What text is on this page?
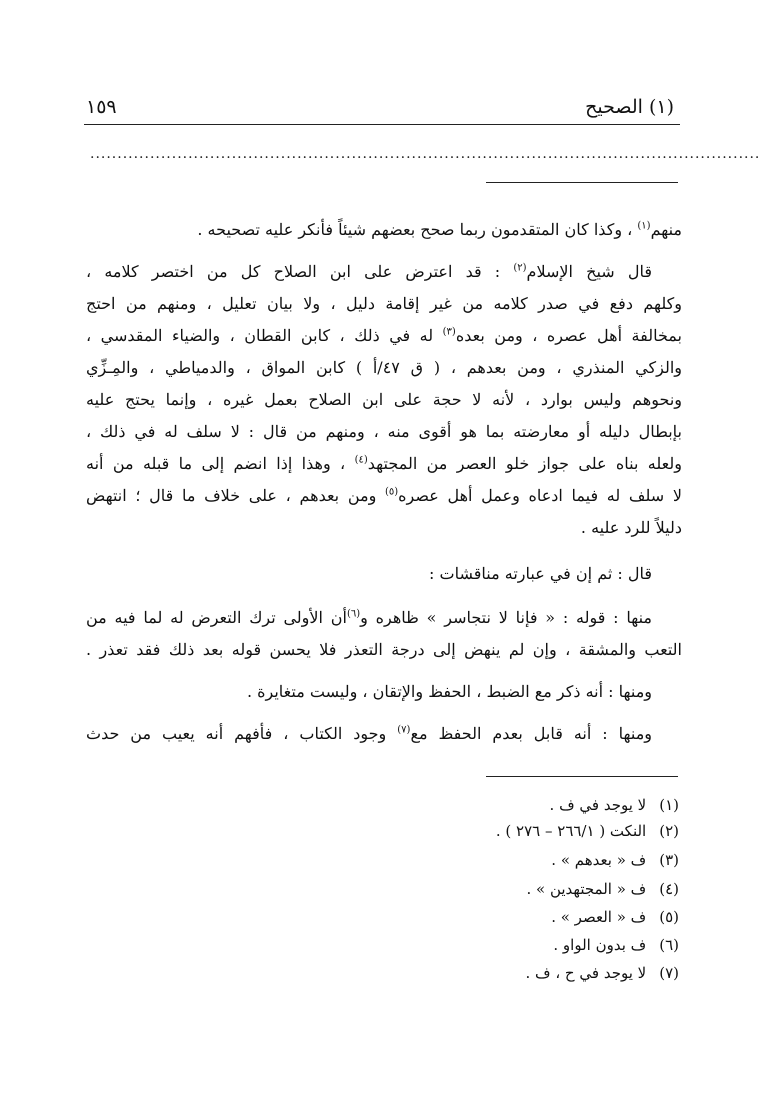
(١) الصحيح
١٥٩
...........................................................................................................................
منهم$^{(١)}$ ، وكذا كان المتقدمون ربما صحح بعضهم شيئاً فأنكر عليه تصحيحه .
قال شيخ الإسلام$^{(٢)}$ : قد اعترض على ابن الصلاح كل من اختصر كلامه ،
وكلهم دفع في صدر كلامه من غير إقامة دليل ، ولا بيان تعليل ، ومنهم من احتج
بمخالفة أهل عصره ، ومن بعده$^{(٣)}$ له في ذلك ، كابن القطان ، والضياء المقدسي ،
والزكي المنذري ، ومن بعدهم ، ( ق ٤٧/أ ) كابن المواق ، والدمياطي ، والمِـزِّي
ونحوهم وليس بوارد ، لأنه لا حجة على ابن الصلاح بعمل غيره ، وإنما يحتج عليه
بإبطال دليله أو معارضته بما هو أقوى منه ، ومنهم من قال : لا سلف له في ذلك ،
ولعله بناه على جواز خلو العصر من المجتهد$^{(٤)}$ ، وهذا إذا انضم إلى ما قبله من أنه
لا سلف له فيما ادعاه وعمل أهل عصره$^{(٥)}$ ومن بعدهم ، على خلاف ما قال ؛ انتهض
دليلاً للرد عليه .
قال : ثم إن في عبارته مناقشات :
منها : قوله : « فإنا لا نتجاسر » ظاهره و$^{(٦)}$أن الأولى ترك التعرض له لما فيه من
التعب والمشقة ، وإن لم ينهض إلى درجة التعذر فلا يحسن قوله بعد ذلك فقد تعذر .
ومنها : أنه ذكر مع الضبط ، الحفظ والإتقان ، وليست متغايرة .
ومنها : أنه قابل بعدم الحفظ مع$^{(٧)}$ وجود الكتاب ، فأفهم أنه يعيب من حدث
(١) لا يوجد في ف .
(٢) النكت ( ٢٦٦/١ – ٢٧٦ ) .
(٣) ف « بعدهم » .
(٤) ف « المجتهدين » .
(٥) ف « العصر » .
(٦) ف بدون الواو .
(٧) لا يوجد في ح ، ف .
